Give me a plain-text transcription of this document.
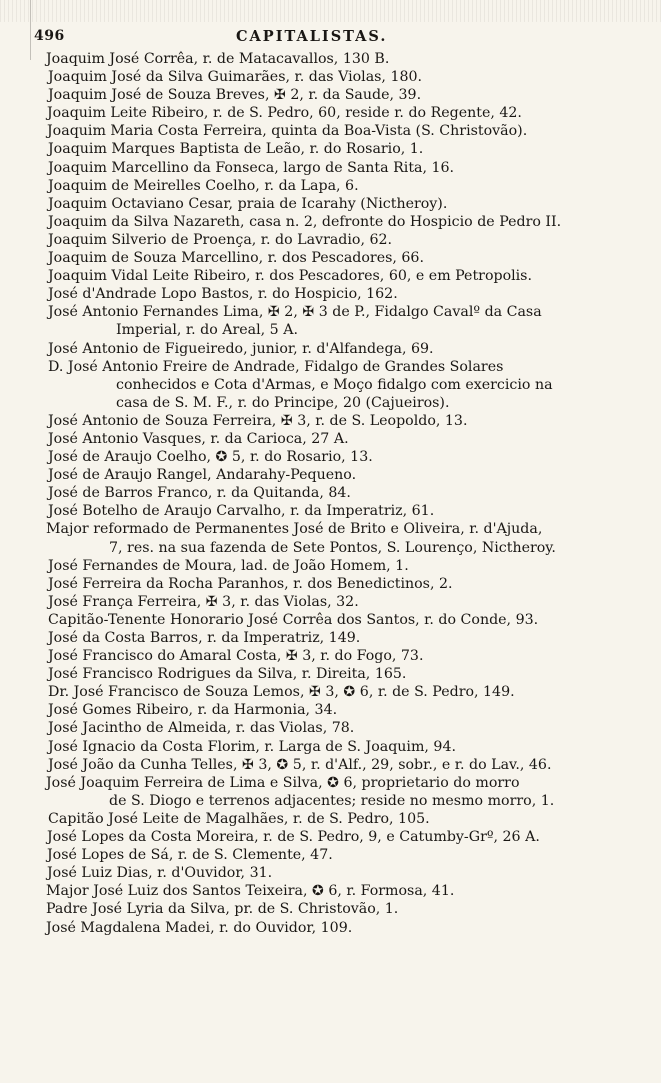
496	CAPITALISTAS.
Joaquim José Corrêa, r. de Matacavallos, 130 B.
Joaquim José da Silva Guimarães, r. das Violas, 180.
Joaquim José de Souza Breves, ✠ 2, r. da Saude, 39.
Joaquim Leite Ribeiro, r. de S. Pedro, 60, reside r. do Regente, 42.
Joaquim Maria Costa Ferreira, quinta da Boa-Vista (S. Christovão).
Joaquim Marques Baptista de Leão, r. do Rosario, 1.
Joaquim Marcellino da Fonseca, largo de Santa Rita, 16.
Joaquim de Meirelles Coelho, r. da Lapa, 6.
Joaquim Octaviano Cesar, praia de Icarahy (Nictheroy).
Joaquim da Silva Nazareth, casa n. 2, defronte do Hospicio de Pedro II.
Joaquim Silverio de Proença, r. do Lavradio, 62.
Joaquim de Souza Marcellino, r. dos Pescadores, 66.
Joaquim Vidal Leite Ribeiro, r. dos Pescadores, 60, e em Petropolis.
José d'Andrade Lopo Bastos, r. do Hospicio, 162.
José Antonio Fernandes Lima, ✠ 2, ✠ 3 de P., Fidalgo Cavalº da Casa
Imperial, r. do Areal, 5 A.
José Antonio de Figueiredo, junior, r. d'Alfandega, 69.
D. José Antonio Freire de Andrade, Fidalgo de Grandes Solares
conhecidos e Cota d'Armas, e Moço fidalgo com exercicio na
casa de S. M. F., r. do Principe, 20 (Cajueiros).
José Antonio de Souza Ferreira, ✠ 3, r. de S. Leopoldo, 13.
José Antonio Vasques, r. da Carioca, 27 A.
José de Araujo Coelho, ✪ 5, r. do Rosario, 13.
José de Araujo Rangel, Andarahy-Pequeno.
José de Barros Franco, r. da Quitanda, 84.
José Botelho de Araujo Carvalho, r. da Imperatriz, 61.
Major reformado de Permanentes José de Brito e Oliveira, r. d'Ajuda,
7, res. na sua fazenda de Sete Pontos, S. Lourenço, Nictheroy.
José Fernandes de Moura, lad. de João Homem, 1.
José Ferreira da Rocha Paranhos, r. dos Benedictinos, 2.
José França Ferreira, ✠ 3, r. das Violas, 32.
Capitão-Tenente Honorario José Corrêa dos Santos, r. do Conde, 93.
José da Costa Barros, r. da Imperatriz, 149.
José Francisco do Amaral Costa, ✠ 3, r. do Fogo, 73.
José Francisco Rodrigues da Silva, r. Direita, 165.
Dr. José Francisco de Souza Lemos, ✠ 3, ✪ 6, r. de S. Pedro, 149.
José Gomes Ribeiro, r. da Harmonia, 34.
José Jacintho de Almeida, r. das Violas, 78.
José Ignacio da Costa Florim, r. Larga de S. Joaquim, 94.
José João da Cunha Telles, ✠ 3, ✪ 5, r. d'Alf., 29, sobr., e r. do Lav., 46.
José Joaquim Ferreira de Lima e Silva, ✪ 6, proprietario do morro
de S. Diogo e terrenos adjacentes; reside no mesmo morro, 1.
Capitão José Leite de Magalhães, r. de S. Pedro, 105.
José Lopes da Costa Moreira, r. de S. Pedro, 9, e Catumby-Grº, 26 A.
José Lopes de Sá, r. de S. Clemente, 47.
José Luiz Dias, r. d'Ouvidor, 31.
Major José Luiz dos Santos Teixeira, ✪ 6, r. Formosa, 41.
Padre José Lyria da Silva, pr. de S. Christovão, 1.
José Magdalena Madei, r. do Ouvidor, 109.
